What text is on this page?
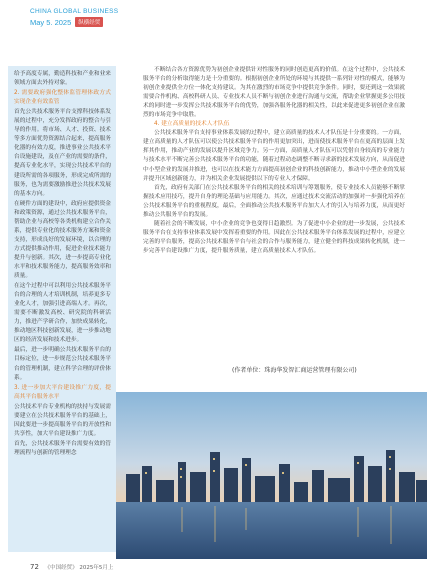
CHINA GLOBAL BUSINESS
May 5. 2025	纵横经贸

给予高度专属，勤造科技和产业和业来领域方面去外持对象。

2. 需要政府强化整体监管理体政方式实现企业有效监管

首先公共技术服务平台支撑科技体系发展的过程中，充分发挥政府的整合与引导的作用。将市场、人才、投资、技术等多方面优势资源结合起来，提高服务化器的有效力度，推进事业公共技术平台设施建设，及在产业的需要的条件，提高专业化水平，实现公共技术平台的建设所需的各项服务，形成完成所需的服务，也为需要激励推进公共技术发展的基本方向。

在硬件方面的建设中，政府应提供资金和政策资源，通过公共技术服务平台，帮助企业与高校等各类机构建立合作关系，提供专业化的技术服务方案和资金支持，形成良好的发展环境，以合理的方式提供推动作用，促进企业技术能力提升与创新。其次，进一步提高专业化水平和技术服务能力，提高服务效率和质量。

在这个过程中可以利用公共技术服务平台的合理的人才培训机制，培养更多专业化人才，加强引进高端人才。再次，需要不断激发高校、研究院的科研活力，推进产学研合作，加快成果转化，推动地区科技创新发展，进一步推动地区的经济发展和技术进步。

最后，进一步明确公共技术服务平台的目标定位，进一步规范公共技术服务平台的管理机制，建立科学合理的评价体系。

3. 进一步加大平台建设推广力度，提高其平台服务水平

公共技术平台专业机构的扶持与发展需要建立在公共技术服务平台的基础上，因此要进一步提高服务平台的开放性和共享性，加大平台建设推广力度。

首先，公共技术服务平台需要有效的管理流程与创新的管理理念

不断结合各方资源优势为初创企业提供针对性服务的同时创造更高的价值。在这个过程中，公共技术服务平台的分析取得能力是十分重要的。根据初创企业所处的环境与其提供一系列针对性的模式，能够为初创企业提供全方位一体化支持建议。为其在激烈的市场竞争中提供竞争条件。同时，要还到这一效果就需要合作机构、高校科研人员、专业技术人员不断与初创企业进行沟通与交流，帮助企业掌握更多公用技术的同时进一步发挥公共技术服务平台的优势，加强各服务化器的相关性，以此来促进更多初创企业在激烈的市场竞争中取胜。

4. 建立高质量的技术人才队伍

公共技术服务平台支持事业体系发展的过程中，建立高质量的技术人才队伍是十分重要的。一方面，建立高质量的人才队伍可以使公共技术服务平台的作用更加突出，进而使技术服务平台在更高的层面上发挥其作用，推动产业的发展以提升区域竞争力。另一方面，高质量人才队伍可以凭借自身较高的专业能力与技术水平不断完善公共技术服务平台的功能，随着过程动态调整不断寻求新的技术发展方向，从而促进中小型企业的发展并推进，也可以在技术能力方面提高初创企业的科技创新能力，推动中小型企业的发展并提升区域创新能力，并为相关企业发展提供以下的专业人才保障。

首先，政府有关部门在公共技术服务平台的相关的技术培训与筹划服务，使专业技术人员能够不断掌握技术应用技巧，提升自身的理论基础与应用能力。其次，应通过技术交流活动的加强对一步强化培养在公共技术服务平台的重视程度，最后，全面推动公共技术服务平台加大人才的引入与培养力度，从而更好推动公共服务平台的发展。

随着社会的不断发展，中小企业的竞争也变得日趋激烈。为了促进中小企业的进一步发展，公共技术服务平台在支持事业体系发展中发挥着重要的作用。因此在公共技术服务平台体系发展的过程中，应建立完善的平台服务，提高公共技术服务平台与社会的合作与服务能力，建立健全的科技成果转化机制，进一步完善平台建设推广力度，提升服务质量，建立高质量技术人才队伍。

(作者单位：珠海华发智汇商运营管理有限公司)
72 《中国经贸》 2025年5月上
